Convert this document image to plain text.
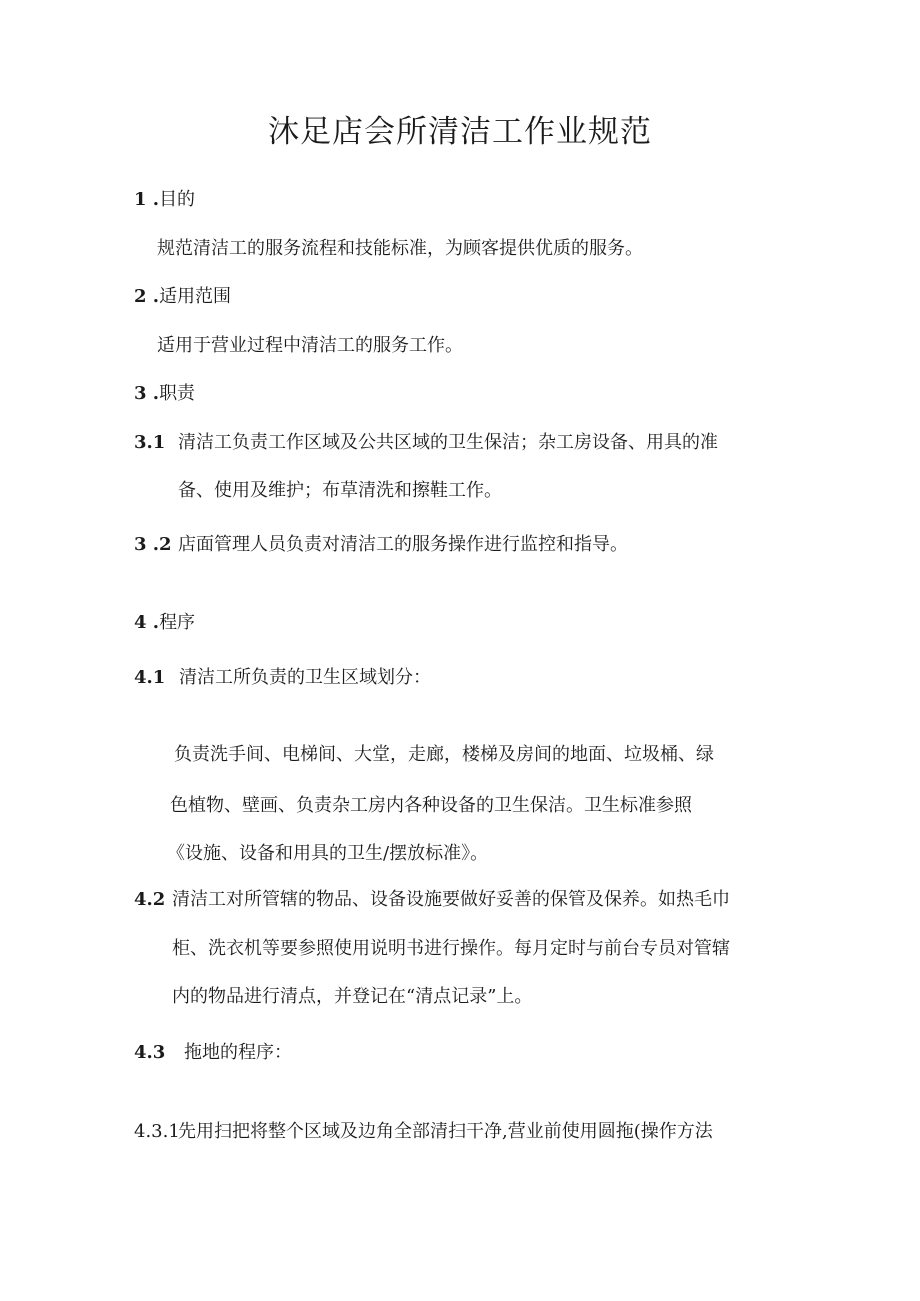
沐足店会所清洁工作业规范
1 .目的
规范清洁工的服务流程和技能标准，为顾客提供优质的服务。
2 .适用范围
适用于营业过程中清洁工的服务工作。
3 .职责
3.1 清洁工负责工作区域及公共区域的卫生保洁；杂工房设备、用具的准
备、使用及维护；布草清洗和擦鞋工作。
3 .2 店面管理人员负责对清洁工的服务操作进行监控和指导。
4 .程序
4.1 清洁工所负责的卫生区域划分：
负责洗手间、电梯间、大堂，走廊，楼梯及房间的地面、垃圾桶、绿
色植物、壁画、负责杂工房内各种设备的卫生保洁。卫生标准参照
《设施、设备和用具的卫生/摆放标准》。
4.2 清洁工对所管辖的物品、设备设施要做好妥善的保管及保养。如热毛巾
柜、洗衣机等要参照使用说明书进行操作。每月定时与前台专员对管辖
内的物品进行清点，并登记在“清点记录”上。
4.3 拖地的程序：
4.3.1先用扫把将整个区域及边角全部清扫干净,营业前使用圆拖(操作方法
